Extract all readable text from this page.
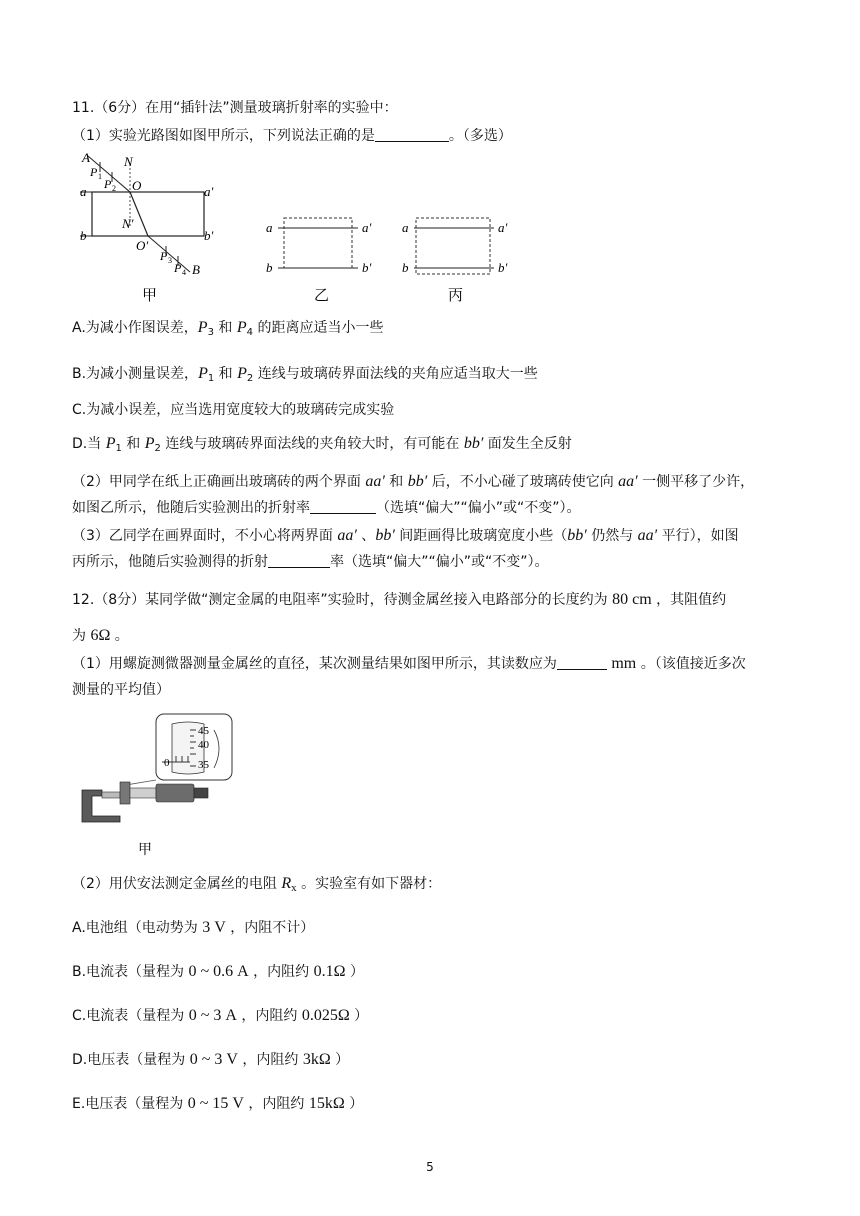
11.（6分）在用“插针法”测量玻璃折射率的实验中：
（1）实验光路图如图甲所示，下列说法正确的是	。（多选）
A	N
P 1
P 2 O
a	a′
N′
b	b′
O′
P 3
P 4 B
甲
a	a′
b	b′
乙
a	a′
b	b′
丙
A.为减小作图误差，$P_3$ 和 $P_4$ 的距离应适当小一些
B.为减小测量误差，$P_1$ 和 $P_2$ 连线与玻璃砖界面法线的夹角应适当取大一些
C.为减小误差，应当选用宽度较大的玻璃砖完成实验
D.当 $P_1$ 和 $P_2$ 连线与玻璃砖界面法线的夹角较大时，有可能在 bb′ 面发生全反射
（2）甲同学在纸上正确画出玻璃砖的两个界面 aa′ 和 bb′ 后，不小心碰了玻璃砖使它向 aa′ 一侧平移了少许，
如图乙所示，他随后实验测出的折射率	（选填“偏大”“偏小”或“不变”）。
（3）乙同学在画界面时，不小心将两界面 aa′ 、bb′ 间距画得比玻璃宽度小些（bb′ 仍然与 aa′ 平行），如图
丙所示，他随后实验测得的折射	率（选填“偏大”“偏小”或“不变”）。
12.（8分）某同学做“测定金属的电阻率”实验时，待测金属丝接入电路部分的长度约为 80 cm ，其阻值约
为 6Ω 。
（1）用螺旋测微器测量金属丝的直径，某次测量结果如图甲所示，其读数应为	mm 。（该值接近多次
测量的平均值）
45
40
35
0
甲
（2）用伏安法测定金属丝的电阻 $R_x$ 。实验室有如下器材：
A.电池组（电动势为 3 V ，内阻不计）
B.电流表（量程为 0 ~ 0.6 A ，内阻约 0.1Ω ）
C.电流表（量程为 0 ~ 3 A ，内阻约 0.025Ω ）
D.电压表（量程为 0 ~ 3 V ，内阻约 3kΩ ）
E.电压表（量程为 0 ~ 15 V ，内阻约 15kΩ ）
5
